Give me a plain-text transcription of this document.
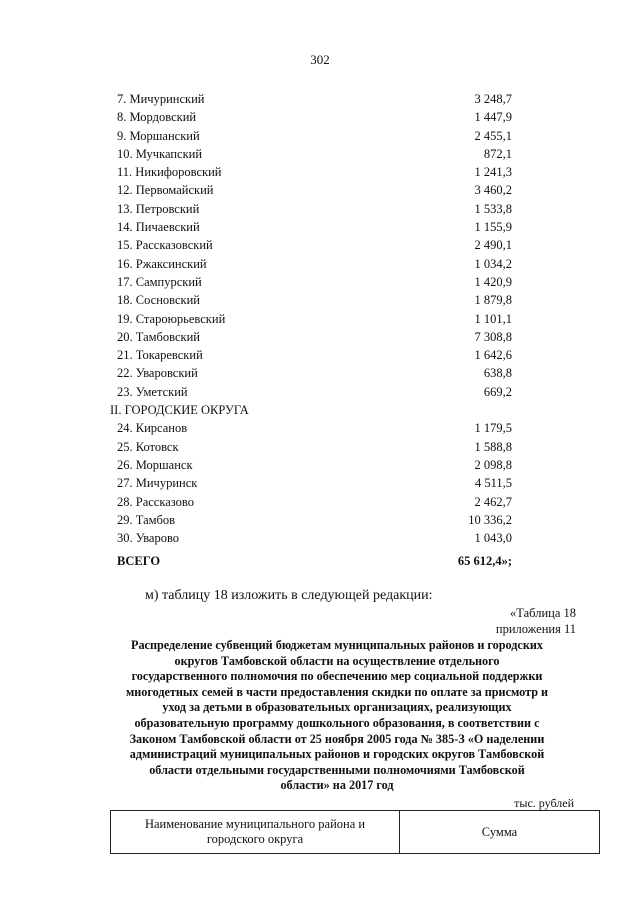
302
7. Мичуринский	3 248,7
8. Мордовский	1 447,9
9. Моршанский	2 455,1
10. Мучкапский	872,1
11. Никифоровский	1 241,3
12. Первомайский	3 460,2
13. Петровский	1 533,8
14. Пичаевский	1 155,9
15. Рассказовский	2 490,1
16. Ржаксинский	1 034,2
17. Сампурский	1 420,9
18. Сосновский	1 879,8
19. Староюрьевский	1 101,1
20. Тамбовский	7 308,8
21. Токаревский	1 642,6
22. Уваровский	638,8
23. Уметский	669,2
II. ГОРОДСКИЕ ОКРУГА
24. Кирсанов	1 179,5
25. Котовск	1 588,8
26. Моршанск	2 098,8
27. Мичуринск	4 511,5
28. Рассказово	2 462,7
29. Тамбов	10 336,2
30. Уварово	1 043,0
ВСЕГО	65 612,4»;
м) таблицу 18 изложить в следующей редакции:
«Таблица 18
приложения 11
Распределение субвенций бюджетам муниципальных районов и городских
округов Тамбовской области на осуществление отдельного
государственного полномочия по обеспечению мер социальной поддержки
многодетных семей в части предоставления скидки по оплате за присмотр и
уход за детьми в образовательных организациях, реализующих
образовательную программу дошкольного образования, в соответствии с
Законом Тамбовской области от 25 ноября 2005 года № 385-З «О наделении
администраций муниципальных районов и городских округов Тамбовской
области отдельными государственными полномочиями Тамбовской
области» на 2017 год
тыс. рублей
Наименование муниципального района и городского округа	Сумма
